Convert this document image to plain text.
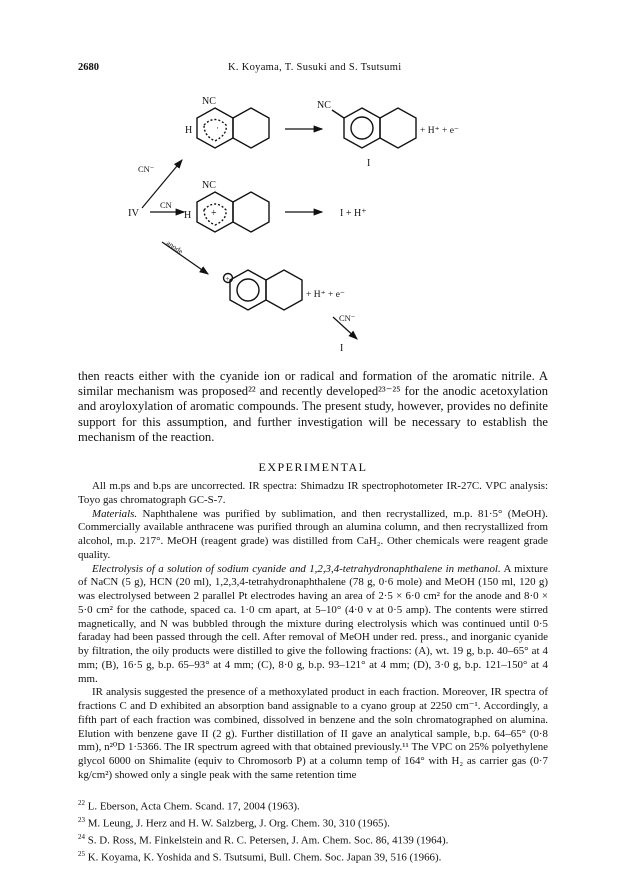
2680	K. Koyama, T. Susuki and S. Tsutsumi
NC
H	·
NC
+ H⁺ + e⁻
I
CN⁻
IV
CN
NC
H +	I + H⁺
anode
+
+ H⁺ + e⁻
CN⁻
I

then reacts either with the cyanide ion or radical and formation of the aromatic nitrile. A similar mechanism was proposed²² and recently developed²³⁻²⁵ for the anodic acetoxylation and aroyloxylation of aromatic compounds. The present study, however, provides no definite support for this assumption, and further investigation will be necessary to establish the mechanism of the reaction.

EXPERIMENTAL

All m.ps and b.ps are uncorrected. IR spectra: Shimadzu IR spectrophotometer IR-27C. VPC analysis: Toyo gas chromatograph GC-S-7.

Materials. Naphthalene was purified by sublimation, and then recrystallized, m.p. 81·5° (MeOH). Commercially available anthracene was purified through an alumina column, and then recrystallized from alcohol, m.p. 217°. MeOH (reagent grade) was distilled from CaH₂. Other chemicals were reagent grade quality.

Electrolysis of a solution of sodium cyanide and 1,2,3,4-tetrahydronaphthalene in methanol. A mixture of NaCN (5 g), HCN (20 ml), 1,2,3,4-tetrahydronaphthalene (78 g, 0·6 mole) and MeOH (150 ml, 120 g) was electrolysed between 2 parallel Pt electrodes having an area of 2·5 × 6·0 cm² for the anode and 8·0 × 5·0 cm² for the cathode, spaced ca. 1·0 cm apart, at 5–10° (4·0 v at 0·5 amp). The contents were stirred magnetically, and N was bubbled through the mixture during electrolysis which was continued until 0·5 faraday had been passed through the cell. After removal of MeOH under red. press., and inorganic cyanide by filtration, the oily products were distilled to give the following fractions: (A), wt. 19 g, b.p. 40–65° at 4 mm; (B), 16·5 g, b.p. 65–93° at 4 mm; (C), 8·0 g, b.p. 93–121° at 4 mm; (D), 3·0 g, b.p. 121–150° at 4 mm.

IR analysis suggested the presence of a methoxylated product in each fraction. Moreover, IR spectra of fractions C and D exhibited an absorption band assignable to a cyano group at 2250 cm⁻¹. Accordingly, a fifth part of each fraction was combined, dissolved in benzene and the soln chromatographed on alumina. Elution with benzene gave II (2 g). Further distillation of II gave an analytical sample, b.p. 64–65° (0·8 mm), n²⁰D 1·5366. The IR spectrum agreed with that obtained previously.¹¹ The VPC on 25% polyethylene glycol 6000 on Shimalite (equiv to Chromosorb P) at a column temp of 164° with H₂ as carrier gas (0·7 kg/cm²) showed only a single peak with the same retention time

$^{22}$ L. Eberson, Acta Chem. Scand. 17, 2004 (1963).
$^{23}$ M. Leung, J. Herz and H. W. Salzberg, J. Org. Chem. 30, 310 (1965).
$^{24}$ S. D. Ross, M. Finkelstein and R. C. Petersen, J. Am. Chem. Soc. 86, 4139 (1964).
$^{25}$ K. Koyama, K. Yoshida and S. Tsutsumi, Bull. Chem. Soc. Japan 39, 516 (1966).
